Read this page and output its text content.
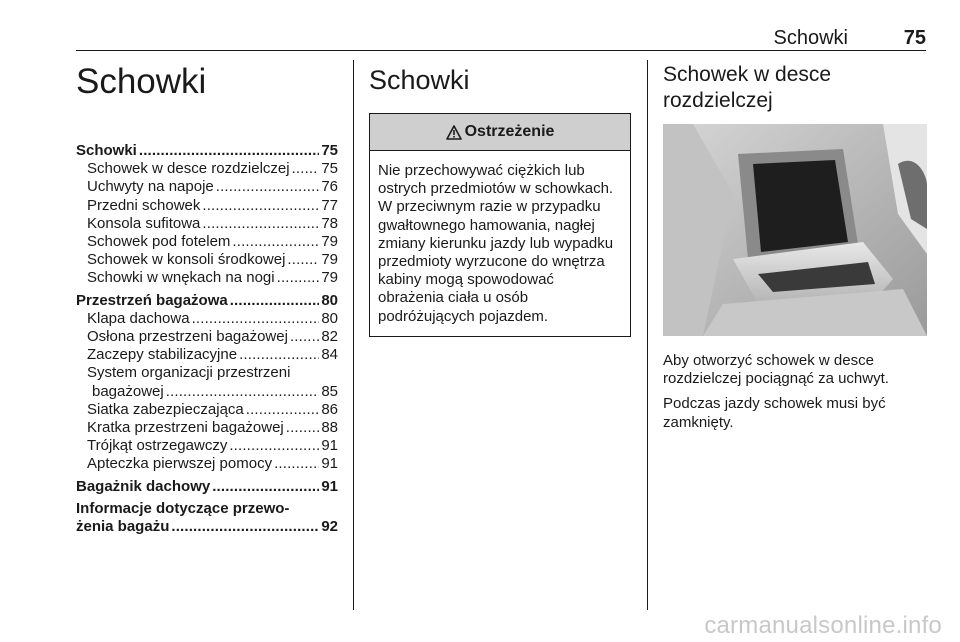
Schowki	75
Schowki
Schowki . . .	75
Schowek w desce rozdzielczej . . . 75
Uchwyty na napoje . . .	76
Przedni schowek . . .	77
Konsola sufitowa . . .	78
Schowek pod fotelem . . .	79
Schowek w konsoli środkowej . . . 79
Schowki w wnękach na nogi . . .	79
Przestrzeń bagażowa . . .	80
Klapa dachowa . . .	80
Osłona przestrzeni bagażowej . . . 82
Zaczepy stabilizacyjne . . .	84
System organizacji przestrzeni
bagażowej . . .	85
Siatka zabezpieczająca . . .	86
Kratka przestrzeni bagażowej . . .	88
Trójkąt ostrzegawczy . . .	91
Apteczka pierwszej pomocy . . .	91
Bagażnik dachowy . . .	91
Informacje dotyczące przewo-
żenia bagażu . . .	92
Schowki
Ostrzeżenie
Nie przechowywać ciężkich lub ostrych przedmiotów w schowkach. W przeciwnym razie w przypadku gwałtownego hamowania, nagłej zmiany kierunku jazdy lub wypadku przedmioty wyrzucone do wnętrza kabiny mogą spowodować obrażenia ciała u osób podróżujących pojazdem.
Schowek w desce rozdzielczej

Aby otworzyć schowek w desce rozdzielczej pociągnąć za uchwyt.

Podczas jazdy schowek musi być zamknięty.

carmanualsonline.info
